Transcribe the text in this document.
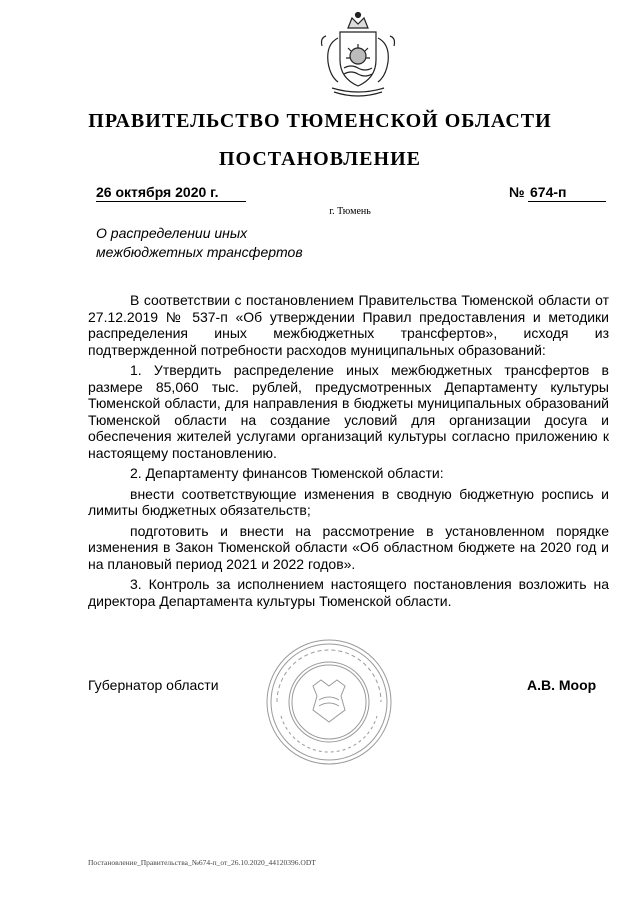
ПРАВИТЕЛЬСТВО ТЮМЕНСКОЙ ОБЛАСТИ
ПОСТАНОВЛЕНИЕ
26 октября 2020 г.	№ 674-п
г. Тюмень
О распределении иных
межбюджетных трансфертов

В соответствии с постановлением Правительства Тюменской области от 27.12.2019 № 537-п «Об утверждении Правил предоставления и методики распределения иных межбюджетных трансфертов», исходя из подтвержденной потребности расходов муниципальных образований:

1. Утвердить распределение иных межбюджетных трансфертов в размере 85,060 тыс. рублей, предусмотренных Департаменту культуры Тюменской области, для направления в бюджеты муниципальных образований Тюменской области на создание условий для организации досуга и обеспечения жителей услугами организаций культуры согласно приложению к настоящему постановлению.

2. Департаменту финансов Тюменской области:

внести соответствующие изменения в сводную бюджетную роспись и лимиты бюджетных обязательств;

подготовить и внести на рассмотрение в установленном порядке изменения в Закон Тюменской области «Об областном бюджете на 2020 год и на плановый период 2021 и 2022 годов».

3. Контроль за исполнением настоящего постановления возложить на директора Департамента культуры Тюменской области.

Губернатор области	А.В. Моор
Постановление_Правительства_№674-п_от_26.10.2020_44120396.ODT
